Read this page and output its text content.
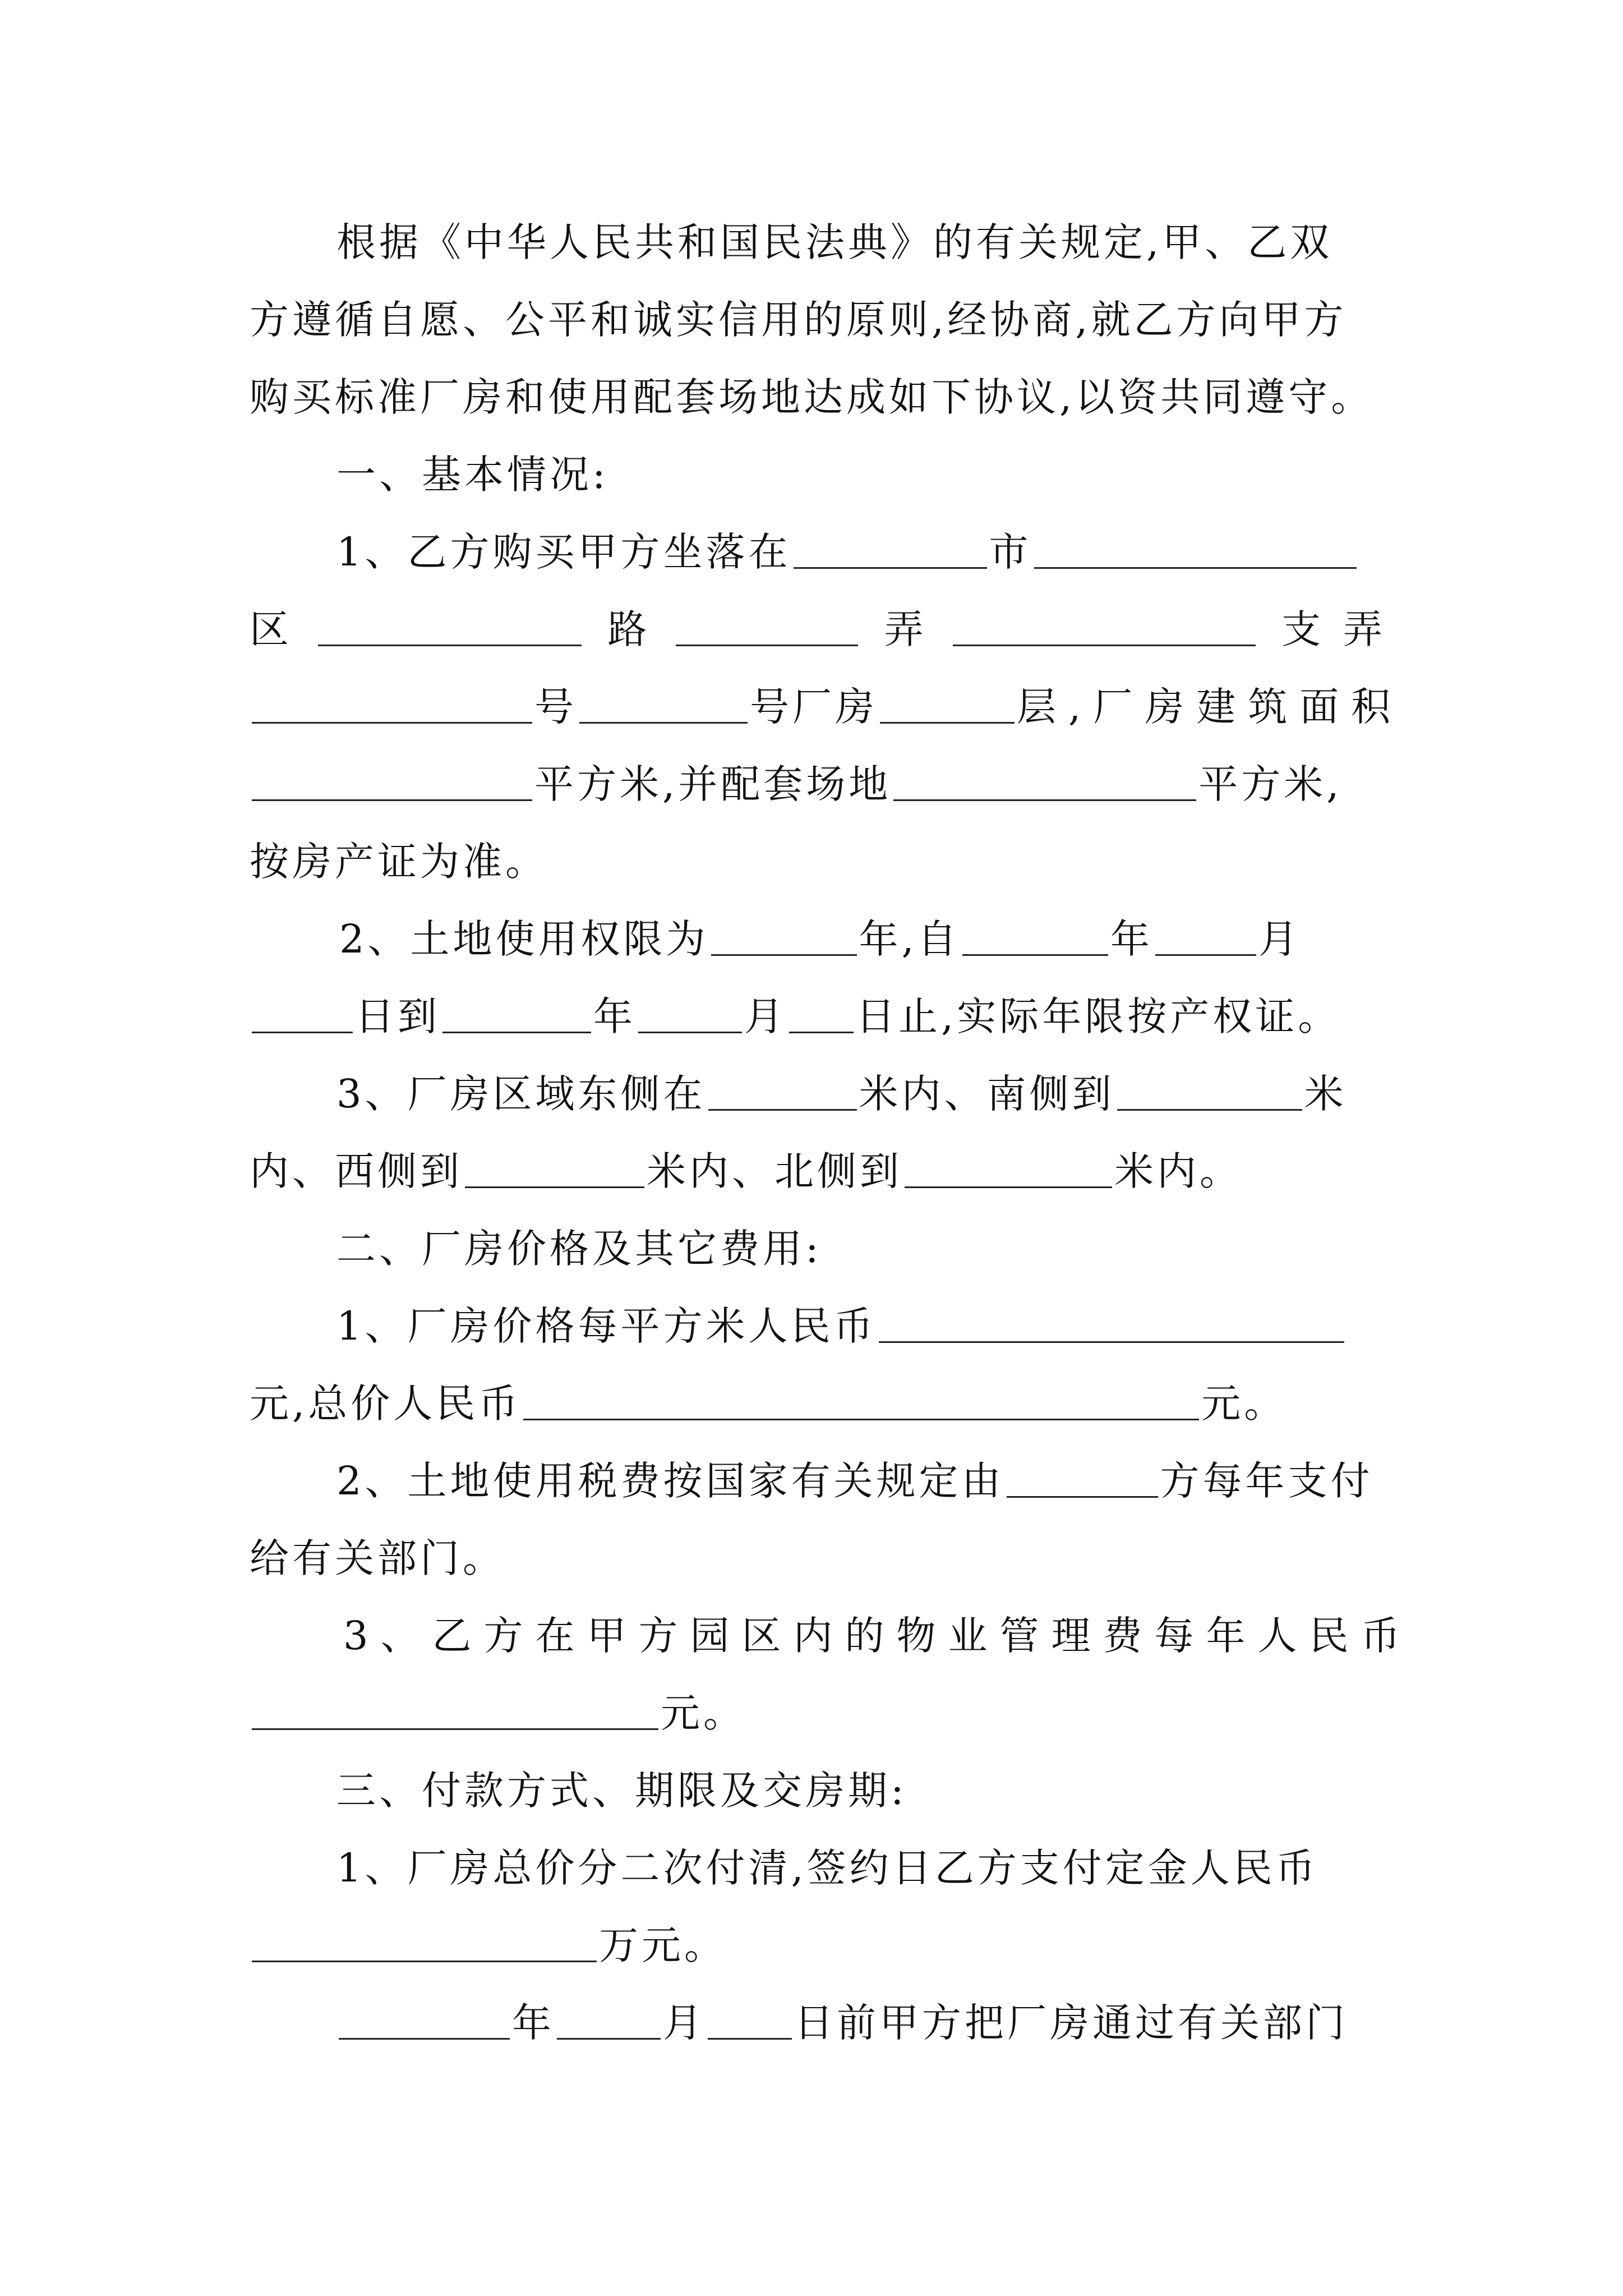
根据《中华人民共和国民法典》的有关规定,甲、乙双
方遵循自愿、公平和诚实信用的原则,经协商,就乙方向甲方
购买标准厂房和使用配套场地达成如下协议,以资共同遵守。
一、基本情况:
1、乙方购买甲方坐落在	市
区	路	弄	支弄
号	号厂房	层,厂房建筑面积
平方米,并配套场地	平方米,
按房产证为准。
2、土地使用权限为	年,自	年	月
日到	年	月 日止,实际年限按产权证。
3、厂房区域东侧在	米内、南侧到	米
内、西侧到	米内、北侧到	米内。
二、厂房价格及其它费用:
1、厂房价格每平方米人民币
元,总价人民币	元。
2、土地使用税费按国家有关规定由	方每年支付
给有关部门。
3、乙方在甲方园区内的物业管理费每年人民币
元。
三、付款方式、期限及交房期:
1、厂房总价分二次付清,签约日乙方支付定金人民币
万元。
年	月 日前甲方把厂房通过有关部门
